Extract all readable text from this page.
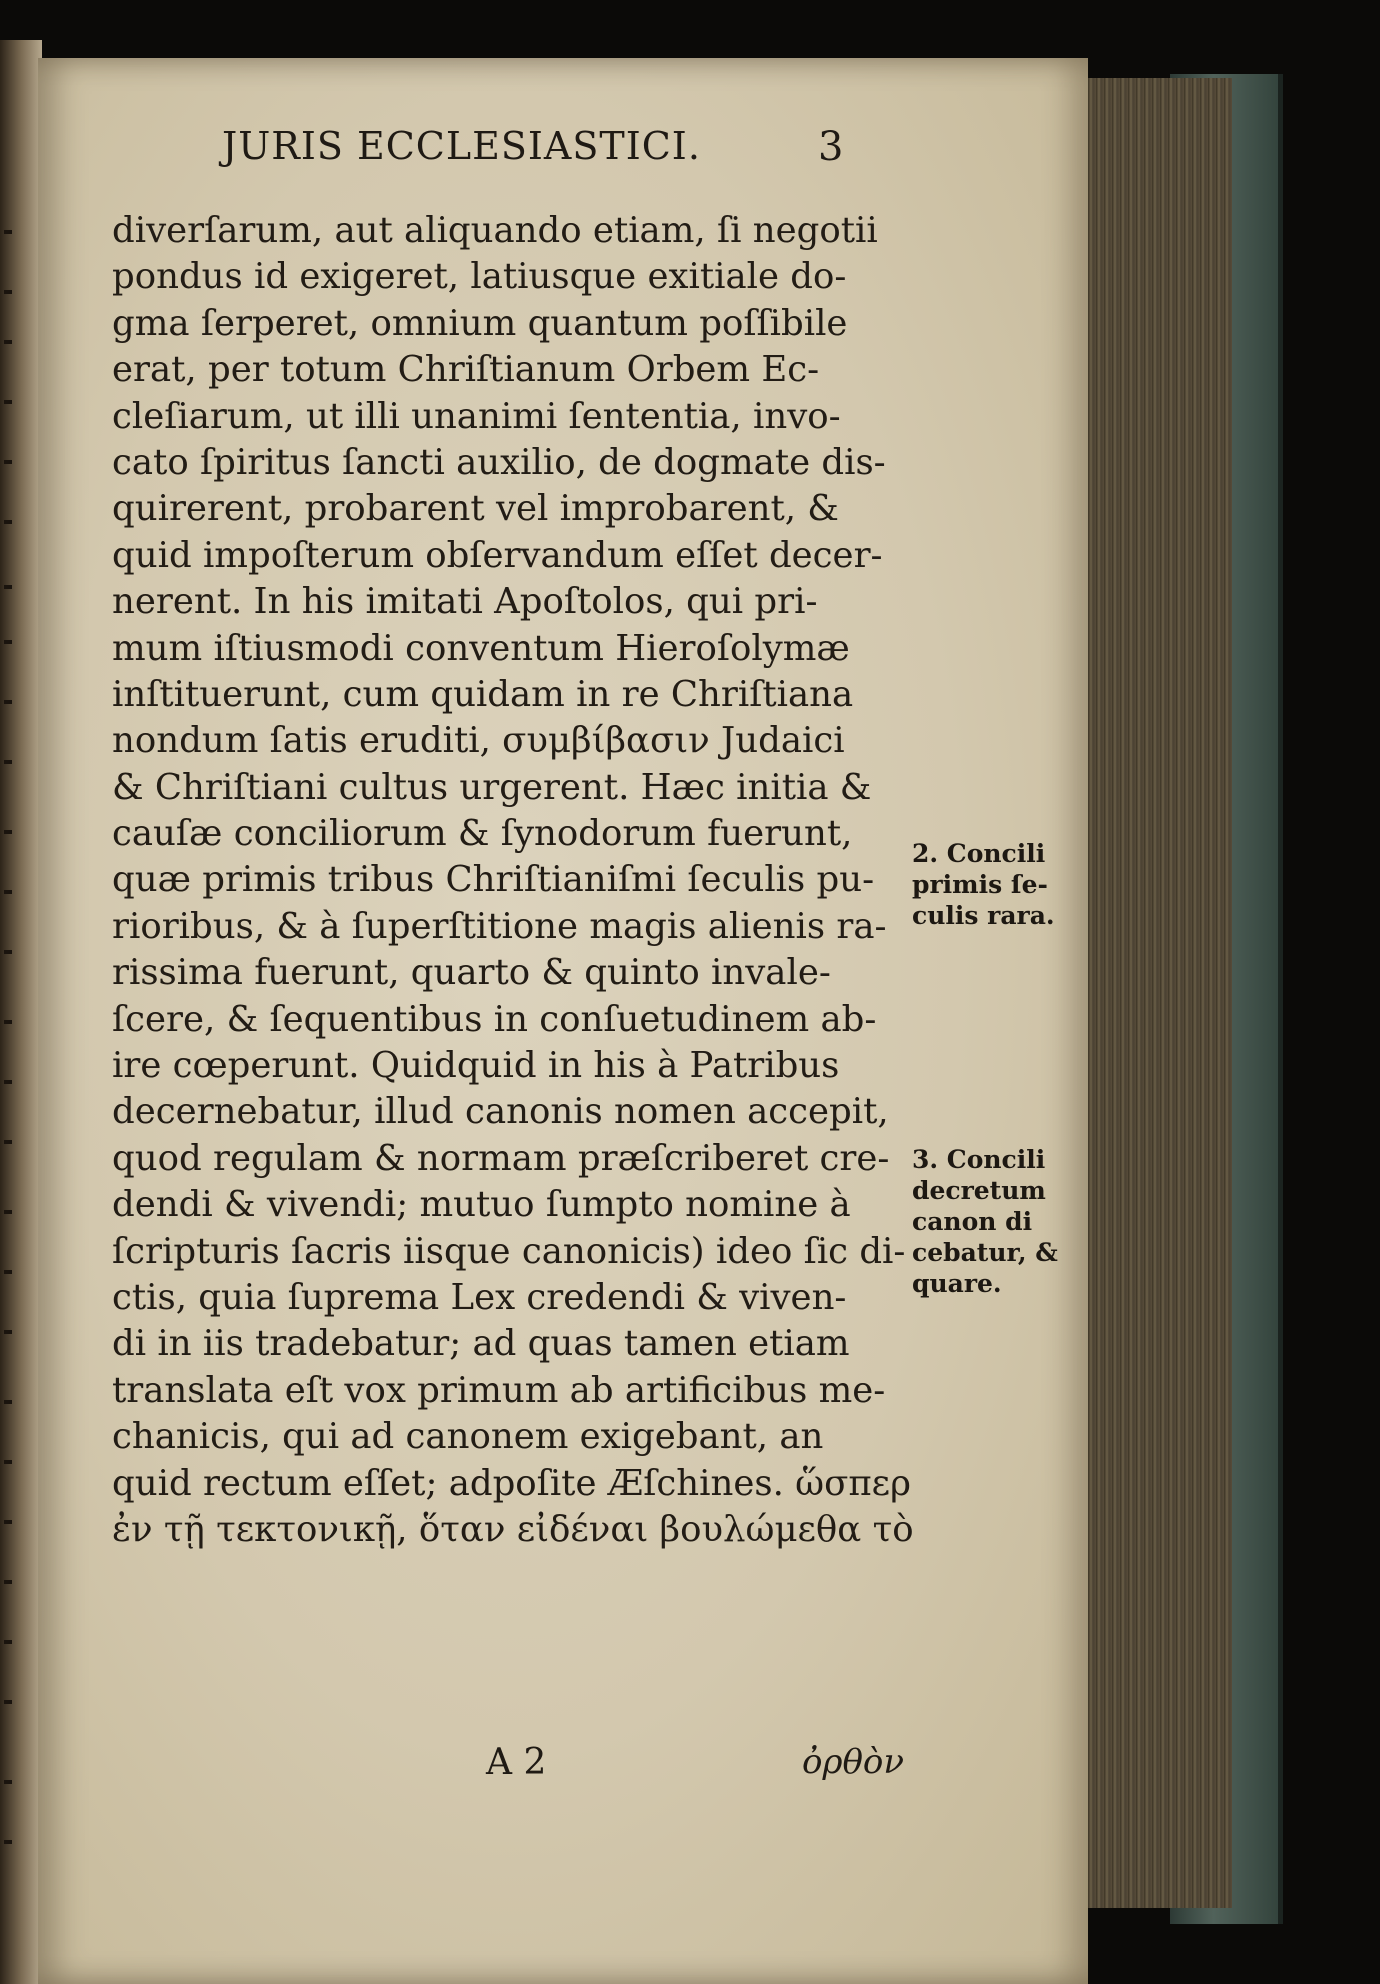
JURIS ECCLESIASTICI.	3
diverſarum, aut aliquando etiam, ſi negotii
pondus id exigeret, latiusque exitiale do-
gma ſerperet, omnium quantum poſſibile
erat, per totum Chriſtianum Orbem Ec-
cleſiarum, ut illi unanimi ſententia, invo-
cato ſpiritus ſancti auxilio, de dogmate dis-
quirerent, probarent vel improbarent, &
quid impoſterum obſervandum eſſet decer-
nerent. In his imitati Apoſtolos, qui pri-
mum iſtiusmodi conventum Hieroſolymæ
inſtituerunt, cum quidam in re Chriſtiana
nondum ſatis eruditi, συμβίβασιν Judaici
& Chriſtiani cultus urgerent. Hæc initia &
cauſæ conciliorum & ſynodorum fuerunt,
quæ primis tribus Chriſtianiſmi ſeculis pu-
rioribus, & à ſuperſtitione magis alienis ra-
rissima fuerunt, quarto & quinto invale-
ſcere, & ſequentibus in conſuetudinem ab-
ire cœperunt. Quidquid in his à Patribus
decernebatur, illud canonis nomen accepit,
quod regulam & normam præſcriberet cre-
dendi & vivendi; mutuo ſumpto nomine à
ſcripturis ſacris iisque canonicis) ideo ſic di-
ctis, quia ſuprema Lex credendi & viven-
di in iis tradebatur; ad quas tamen etiam
translata eſt vox primum ab artificibus me-
chanicis, qui ad canonem exigebant, an
quid rectum eſſet; adpoſite Æſchines. ὥσπερ
ἐν τῇ τεκτονικῇ, ὅταν εἰδέναι βουλώμεθα τὸ
2. Concili
primis ſe-
culis rara.
3. Concili
decretum
canon di
cebatur, &
quare.
A 2	ὀρθὸν
